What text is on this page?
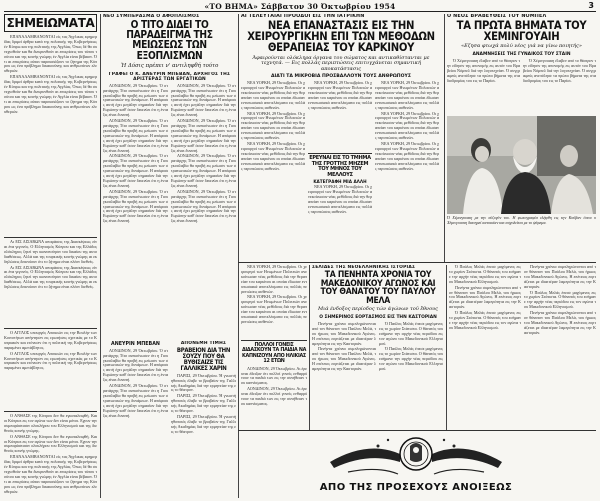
«ΤΟ ΒΗΜΑ» Σάββατον 30 Όκτωβρίου 1954	3
ΣΗΜΕΙΩΜΑΤΑ

ΕΠΑΝΑΛΑΜΒΑΝΟΝΤΑΙ είς τας Άγγλικας εφημερίδας δριμεί άρθρα κατά της πολιτικής της Κυβερνήσεως έν Κύπρω και της πολιτικής της Αγγλίας. Όπως δέ θα συνεχισθούν και θα διευρυνθούν αι επικρίσεις του τύπου τούτου και της κοινής γνώμης έν Αγγλία είναι βέβαιον. Ότι αι επικρίσεις αύται παρουσιάζουν το ζήτημα της Κύπρου ως ένα πρόβλημα δικαιοσύνης και ανθρωπίνων ελευθεριών.

ΕΠΑΝΑΛΑΜΒΑΝΟΝΤΑΙ είς τας Άγγλικας εφημερίδας δριμεί άρθρα κατά της πολιτικής της Κυβερνήσεως έν Κύπρω και της πολιτικής της Αγγλίας. Όπως δέ θα συνεχισθούν και θα διευρυνθούν αι επικρίσεις του τύπου τούτου και της κοινής γνώμης έν Αγγλία είναι βέβαιον. Ότι αι επικρίσεις αύται παρουσιάζουν το ζήτημα της Κύπρου ως ένα πρόβλημα δικαιοσύνης και ανθρωπίνων ελευθεριών.

Αι ΕΙΣ ΛΙΣΑΒΩΝΑ αποφάσεις της Διασκέψεως είναι ένα γεγονός. Ο Ελληνισμός Κύπρου και της Ελλάδος ολόκληρος ζητεί την ικανοποίησιν του δικαίου της αυτοδιαθέσεως. Αλλά και της τουρκικής κοινής γνώμης αι εκδηλώσεις δεικνύουν ότι το ζήτημα είναι πλέον διεθνές.

Αι ΕΙΣ ΛΙΣΑΒΩΝΑ αποφάσεις της Διασκέψεως είναι ένα γεγονός. Ο Ελληνισμός Κύπρου και της Ελλάδος ολόκληρος ζητεί την ικανοποίησιν του δικαίου της αυτοδιαθέσεως. Αλλά και της τουρκικής κοινής γνώμης αι εκδηλώσεις δεικνύουν ότι το ζήτημα είναι πλέον διεθνές.

Ο ΑΓΓΛΟΣ υπουργός Αποικιών εις την Βουλήν των Κοινοτήτων απήντησεν εις ερωτήσεις σχετικάς με το Κυπριακόν και ετόνισεν ότι η πολιτική της Κυβερνήσεως παραμένει αμετάβλητος.

Ο ΑΓΓΛΟΣ υπουργός Αποικιών εις την Βουλήν των Κοινοτήτων απήντησεν εις ερωτήσεις σχετικάς με το Κυπριακόν και ετόνισεν ότι η πολιτική της Κυβερνήσεως παραμένει αμετάβλητος.

Ο ΑΝΘΑΣΕ της Κύπρου δεν θα εγκαταλειφθή. Και οι Κύπριοι εις τον αγώνα των δεν είναι μόνοι. Εχουν την συμπαράστασιν ολοκλήρου του Ελληνισμού και της διεθνούς κοινής γνώμης.

Ο ΑΝΘΑΣΕ της Κύπρου δεν θα εγκαταλειφθή. Και οι Κύπριοι εις τον αγώνα των δεν είναι μόνοι. Εχουν την συμπαράστασιν ολοκλήρου του Ελληνισμού και της διεθνούς κοινής γνώμης.

ΕΠΑΝΑΛΑΜΒΑΝΟΝΤΑΙ είς τας Άγγλικας εφημερίδας δριμεί άρθρα κατά της πολιτικής της Κυβερνήσεως έν Κύπρω και της πολιτικής της Αγγλίας. Όπως δέ θα συνεχισθούν και θα διευρυνθούν αι επικρίσεις του τύπου τούτου και της κοινής γνώμης έν Αγγλία είναι βέβαιον. Ότι αι επικρίσεις αύται παρουσιάζουν το ζήτημα της Κύπρου ως ένα πρόβλημα δικαιοσύνης και ανθρωπίνων ελευθεριών.

ΝΕΟ ΣΥΜΠΕΡΑΣΜΑ Ο ΑΦΟΠΛΙΣΜΟΣ
Ο ΤΙΤΟ ΔΙΔΕΙ ΤΟ ΠΑΡΑΔΕΙΓΜΑ ΤΗΣ ΜΕΙΩΣΕΩΣ ΤΩΝ ΕΞΟΠΛΙΣΜΩΝ
Ή Δύσις πρέπει ν' αντιληφθή τούτο
ΓΡΆΦΕΙ Ο Κ. ΑΝΕΥΡΙΝ ΜΠΕΒΑΝ, ΑΡΧΗΓΟΣ ΤΗΣ ΑΡΙΣΤΕΡΑΣ ΤΩΝ ΕΡΓΑΤΙΚΩΝ

ΛΟΝΔΙΝΟΝ, 29 Όκτωβρίου. Ό στρατάρχης Τίτο ανεκοίνωσεν ότι η Γιουγκοσλαβία θα προβή εις μείωσιν των στρατιωτικών της δυνάμεων. Η απόφασις αυτή έχει μεγάλην σημασίαν διά την Ευρώπην καθ' όσον δεικνύει ότι η ένταξις είναι δυνατή.

ΛΟΝΔΙΝΟΝ, 29 Όκτωβρίου. Ό στρατάρχης Τίτο ανεκοίνωσεν ότι η Γιουγκοσλαβία θα προβή εις μείωσιν των στρατιωτικών της δυνάμεων. Η απόφασις αυτή έχει μεγάλην σημασίαν διά την Ευρώπην καθ' όσον δεικνύει ότι η ένταξις είναι δυνατή.

ΛΟΝΔΙΝΟΝ, 29 Όκτωβρίου. Ό στρατάρχης Τίτο ανεκοίνωσεν ότι η Γιουγκοσλαβία θα προβή εις μείωσιν των στρατιωτικών της δυνάμεων. Η απόφασις αυτή έχει μεγάλην σημασίαν διά την Ευρώπην καθ' όσον δεικνύει ότι η ένταξις είναι δυνατή.

ΛΟΝΔΙΝΟΝ, 29 Όκτωβρίου. Ό στρατάρχης Τίτο ανεκοίνωσεν ότι η Γιουγκοσλαβία θα προβή εις μείωσιν των στρατιωτικών της δυνάμεων. Η απόφασις αυτή έχει μεγάλην σημασίαν διά την Ευρώπην καθ' όσον δεικνύει ότι η ένταξις είναι δυνατή.

ΛΟΝΔΙΝΟΝ, 29 Όκτωβρίου. Ό στρατάρχης Τίτο ανεκοίνωσεν ότι η Γιουγκοσλαβία θα προβή εις μείωσιν των στρατιωτικών της δυνάμεων. Η απόφασις αυτή έχει μεγάλην σημασίαν διά την Ευρώπην καθ' όσον δεικνύει ότι η ένταξις είναι δυνατή.

ΛΟΝΔΙΝΟΝ, 29 Όκτωβρίου. Ό στρατάρχης Τίτο ανεκοίνωσεν ότι η Γιουγκοσλαβία θα προβή εις μείωσιν των στρατιωτικών της δυνάμεων. Η απόφασις αυτή έχει μεγάλην σημασίαν διά την Ευρώπην καθ' όσον δεικνύει ότι η ένταξις είναι δυνατή.

ΛΟΝΔΙΝΟΝ, 29 Όκτωβρίου. Ό στρατάρχης Τίτο ανεκοίνωσεν ότι η Γιουγκοσλαβία θα προβή εις μείωσιν των στρατιωτικών της δυνάμεων. Η απόφασις αυτή έχει μεγάλην σημασίαν διά την Ευρώπην καθ' όσον δεικνύει ότι η ένταξις είναι δυνατή.

ΛΟΝΔΙΝΟΝ, 29 Όκτωβρίου. Ό στρατάρχης Τίτο ανεκοίνωσεν ότι η Γιουγκοσλαβία θα προβή εις μείωσιν των στρατιωτικών της δυνάμεων. Η απόφασις αυτή έχει μεγάλην σημασίαν διά την Ευρώπην καθ' όσον δεικνύει ότι η ένταξις είναι δυνατή.

ΑΝΕΥΡΙΝ ΜΠΕΒΑΝ

ΛΟΝΔΙΝΟΝ, 29 Όκτωβρίου. Ό στρατάρχης Τίτο ανεκοίνωσεν ότι η Γιουγκοσλαβία θα προβή εις μείωσιν των στρατιωτικών της δυνάμεων. Η απόφασις αυτή έχει μεγάλην σημασίαν διά την Ευρώπην καθ' όσον δεικνύει ότι η ένταξις είναι δυνατή.

ΛΟΝΔΙΝΟΝ, 29 Όκτωβρίου. Ό στρατάρχης Τίτο ανεκοίνωσεν ότι η Γιουγκοσλαβία θα προβή εις μείωσιν των στρατιωτικών της δυνάμεων. Η απόφασις αυτή έχει μεγάλην σημασίαν διά την Ευρώπην καθ' όσον δεικνύει ότι η ένταξις είναι δυνατή.

ΑΠΟΝΕΜΗ ΤΙΜΗΣ
ΒΡΑΒΕΙΟΝ ΔΙΑ ΤΗΝ ΣΟΥΖΥ ΠΟΥ ΘΑ ΒΥΘΙΣΑΙΖΕ ΤΙΣ ΓΑΛΛΙΚΕΣ ΧΑΡΙΝ

ΠΑΡΙΣΙ, 29 Όκτωβρίου. Ή γνωστή ηθοποιός έλαβε το βραβείον της Γαλλικής Ακαδημίας διά την ερμηνείαν της εις το θέατρον.

ΠΑΡΙΣΙ, 29 Όκτωβρίου. Ή γνωστή ηθοποιός έλαβε το βραβείον της Γαλλικής Ακαδημίας διά την ερμηνείαν της εις το θέατρον.

ΠΑΡΙΣΙ, 29 Όκτωβρίου. Ή γνωστή ηθοποιός έλαβε το βραβείον της Γαλλικής Ακαδημίας διά την ερμηνείαν της εις το θέατρον.

ΑΙ ΤΕΛΕΥΤΑΙΑΙ ΠΡΟΟΔΟΙ ΕΙΣ ΤΗΝ ΙΑΤΡΙΚΗΝ
ΝΕΑ ΕΠΑΝΑΣΤΑΣΙΣ ΕΙΣ ΤΗΝ ΧΕΙΡΟΥΡΓΙΚΗΝ ΕΠΙ ΤΩΝ ΜΕΘΟΔΩΝ ΘΕΡΑΠΕΙΑΣ ΤΟΥ ΚΑΡΚΙΝΟΥ
Άφαιρούνται ολόκληρα όργανα του σώματος και αντικαθίστανται με τεχνητά. — Εις πολλάς περιπτώσεις επιτυγχάνεται σημαντική αποκατάστασις
ΔΙΑΤΙ ΤΑ ΜΙΚΡΟΒΙΑ ΠΡΟΣΒΑΛΛΟΥΝ ΤΟΥΣ ΑΝΘΡΩΠΟΥΣ

ΝΕΑ ΥΟΡΚΗ, 29 Όκτωβρίου. Οι χειρουργοί των Ηνωμένων Πολιτειών ανεκοίνωσαν νέας μεθόδους διά την θεραπείαν του καρκίνου αι οποίαι έδωσαν εντυπωσιακά αποτελέσματα εις πολλάς περιπτώσεις ασθενών.

ΝΕΑ ΥΟΡΚΗ, 29 Όκτωβρίου. Οι χειρουργοί των Ηνωμένων Πολιτειών ανεκοίνωσαν νέας μεθόδους διά την θεραπείαν του καρκίνου αι οποίαι έδωσαν εντυπωσιακά αποτελέσματα εις πολλάς περιπτώσεις ασθενών.

ΝΕΑ ΥΟΡΚΗ, 29 Όκτωβρίου. Οι χειρουργοί των Ηνωμένων Πολιτειών ανεκοίνωσαν νέας μεθόδους διά την θεραπείαν του καρκίνου αι οποίαι έδωσαν εντυπωσιακά αποτελέσματα εις πολλάς περιπτώσεις ασθενών.

ΝΕΑ ΥΟΡΚΗ, 29 Όκτωβρίου. Οι χειρουργοί των Ηνωμένων Πολιτειών ανεκοίνωσαν νέας μεθόδους διά την θεραπείαν του καρκίνου αι οποίαι έδωσαν εντυπωσιακά αποτελέσματα εις πολλάς περιπτώσεις ασθενών.

ΕΡΕΥΝΑΙ ΕΙΣ ΤΟ ΤΜΗΜΑ ΤΗΣ ΓΡΟΤΤΗΣ ΜΗΖΕΜ ΤΟΥ ΜΗΝΟΣ ΤΟΥ ΜΕΛΛΟΥΣ
ΚΑΤΕΓΡΑΦΗ ΜΙΑ ΑΛΛΗ

ΝΕΑ ΥΟΡΚΗ, 29 Όκτωβρίου. Οι χειρουργοί των Ηνωμένων Πολιτειών ανεκοίνωσαν νέας μεθόδους διά την θεραπείαν του καρκίνου αι οποίαι έδωσαν εντυπωσιακά αποτελέσματα εις πολλάς περιπτώσεις ασθενών.

ΝΕΑ ΥΟΡΚΗ, 29 Όκτωβρίου. Οι χειρουργοί των Ηνωμένων Πολιτειών ανεκοίνωσαν νέας μεθόδους διά την θεραπείαν του καρκίνου αι οποίαι έδωσαν εντυπωσιακά αποτελέσματα εις πολλάς περιπτώσεις ασθενών.

ΝΕΑ ΥΟΡΚΗ, 29 Όκτωβρίου. Οι χειρουργοί των Ηνωμένων Πολιτειών ανεκοίνωσαν νέας μεθόδους διά την θεραπείαν του καρκίνου αι οποίαι έδωσαν εντυπωσιακά αποτελέσματα εις πολλάς περιπτώσεις ασθενών.

ΝΕΑ ΥΟΡΚΗ, 29 Όκτωβρίου. Οι χειρουργοί των Ηνωμένων Πολιτειών ανεκοίνωσαν νέας μεθόδους διά την θεραπείαν του καρκίνου αι οποίαι έδωσαν εντυπωσιακά αποτελέσματα εις πολλάς περιπτώσεις ασθενών.

ΠΟΛΛΟΙ ΓΟΝΕΙΣ ΔΙΔΑΣΚΟΥΝ ΤΑ ΠΑΙΔΙΑ ΝΑ ΚΑΠΝΙΖΟΥΝ ΑΠΟ ΗΛΙΚΙΑΣ 12 ΕΤΩΝ

ΛΟΝΔΙΝΟΝ, 29 Όκτωβρίου. Αι έρευναι έδειξαν ότι πολλοί γονείς ενθαρρύνουν τα παιδιά των εις την συνήθειαν του καπνίσματος.

ΛΟΝΔΙΝΟΝ, 29 Όκτωβρίου. Αι έρευναι έδειξαν ότι πολλοί γονείς ενθαρρύνουν τα παιδιά των εις την συνήθειαν του καπνίσματος.

Ο ΝΕΟΣ ΒΡΑΒΕΥΘΕΙΣ ΤΟΥ ΝΟΜΠΕΛ
ΤΑ ΠΡΩΤΑ ΒΗΜΑΤΑ ΤΟΥ ΧΕΜΙΝΓΟΥΑΙΗ
«Εζησα φτωχά πολύ νέος γιά να γίνω ποιητής»
ΑΝΑΜΝΗΣΕΙΣ ΤΗΣ ΓΥΝΑΙΚΟΣ ΤΟΥ ΣΤΑΙΝ

Ό Χέμινγουαιη έλαβεν από το θέατρον την είδησιν της απονομής εις αυτόν του Βραβείου Νόμπελ διά την λογοτεχνίαν. Ό συγγραφεύς ανεπόλησε τα πρώτα βήματα της σταδιοδρομίας του εις το Παρίσι.

Ό Χέμινγουαιη έλαβεν από το θέατρον την είδησιν της απονομής εις αυτόν του Βραβείου Νόμπελ διά την λογοτεχνίαν. Ό συγγραφεύς ανεπόλησε τα πρώτα βήματα της σταδιοδρομίας του εις το Παρίσι.

Ό Χέμινγουαιη με την σύζυγόν του. Η φωτογραφία ελήφθη εις την Κούβαν όπου ο Χέμινγουαιη διατηρεί κατοικίαν και ασχολείται με το ψάρεμα.
ΣΕΛΙΔΕΣ ΤΗΣ ΝΕΟΕΛΛΗΝΙΚΗΣ ΙΣΤΟΡΙΑΣ
ΤΑ ΠΕΝΗΝΤΑ ΧΡΟΝΙΑ ΤΟΥ ΜΑΚΕΔΟΝΙΚΟΥ ΑΓΩΝΟΣ ΚΑΙ ΤΟΥ ΘΑΝΑΤΟΥ ΤΟΥ ΠΑΥΛΟΥ ΜΕΛΑ
Μιά ένδοξος περίοδος τών άγώνων τοῦ ἔθνους
Ο ΣΗΜΕΡΙΝΟΣ ΕΟΡΤΑΣΜΟΣ ΕΙΣ ΤΗΝ ΚΑΣΤΟΡΙΑΝ

Πενήντα χρόνια συμπληρώνονται από τον θάνατον του Παύλου Μελά, του ήρωος του Μακεδονικού Αγώνος. Η επέτειος εορτάζεται με ιδιαιτέραν λαμπρότητα εις την Καστοριάν.

Πενήντα χρόνια συμπληρώνονται από τον θάνατον του Παύλου Μελά, του ήρωος του Μακεδονικού Αγώνος. Η επέτειος εορτάζεται με ιδιαιτέραν λαμπρότητα εις την Καστοριάν.

Ό Παύλος Μελάς έπεσε μαχόμενος εις το χωρίον Στάτιστα. Ο θάνατός του εσήμανε την αρχήν νέας περιόδου εις τον αγώνα του Μακεδονικού Ελληνισμού.

Ό Παύλος Μελάς έπεσε μαχόμενος εις το χωρίον Στάτιστα. Ο θάνατός του εσήμανε την αρχήν νέας περιόδου εις τον αγώνα του Μακεδονικού Ελληνισμού.

ΝΕΑ ΥΟΡΚΗ, 29 Όκτωβρίου. Οι χειρουργοί των Ηνωμένων Πολιτειών ανεκοίνωσαν νέας μεθόδους διά την θεραπείαν του καρκίνου αι οποίαι έδωσαν εντυπωσιακά αποτελέσματα εις πολλάς περιπτώσεις ασθενών.

ΝΕΑ ΥΟΡΚΗ, 29 Όκτωβρίου. Οι χειρουργοί των Ηνωμένων Πολιτειών ανεκοίνωσαν νέας μεθόδους διά την θεραπείαν του καρκίνου αι οποίαι έδωσαν εντυπωσιακά αποτελέσματα εις πολλάς περιπτώσεις ασθενών.

Ό Παύλος Μελάς έπεσε μαχόμενος εις το χωρίον Στάτιστα. Ο θάνατός του εσήμανε την αρχήν νέας περιόδου εις τον αγώνα του Μακεδονικού Ελληνισμού.

Πενήντα χρόνια συμπληρώνονται από τον θάνατον του Παύλου Μελά, του ήρωος του Μακεδονικού Αγώνος. Η επέτειος εορτάζεται με ιδιαιτέραν λαμπρότητα εις την Καστοριάν.

Ό Παύλος Μελάς έπεσε μαχόμενος εις το χωρίον Στάτιστα. Ο θάνατός του εσήμανε την αρχήν νέας περιόδου εις τον αγώνα του Μακεδονικού Ελληνισμού.

Πενήντα χρόνια συμπληρώνονται από τον θάνατον του Παύλου Μελά, του ήρωος του Μακεδονικού Αγώνος. Η επέτειος εορτάζεται με ιδιαιτέραν λαμπρότητα εις την Καστοριάν.

Ό Παύλος Μελάς έπεσε μαχόμενος εις το χωρίον Στάτιστα. Ο θάνατός του εσήμανε την αρχήν νέας περιόδου εις τον αγώνα του Μακεδονικού Ελληνισμού.

Πενήντα χρόνια συμπληρώνονται από τον θάνατον του Παύλου Μελά, του ήρωος του Μακεδονικού Αγώνος. Η επέτειος εορτάζεται με ιδιαιτέραν λαμπρότητα εις την Καστοριάν.

ΑΠΟ ΤΗΣ ΠΡΟΣΕΧΟΥΣ ΑΝΟΙΞΕΩΣ
